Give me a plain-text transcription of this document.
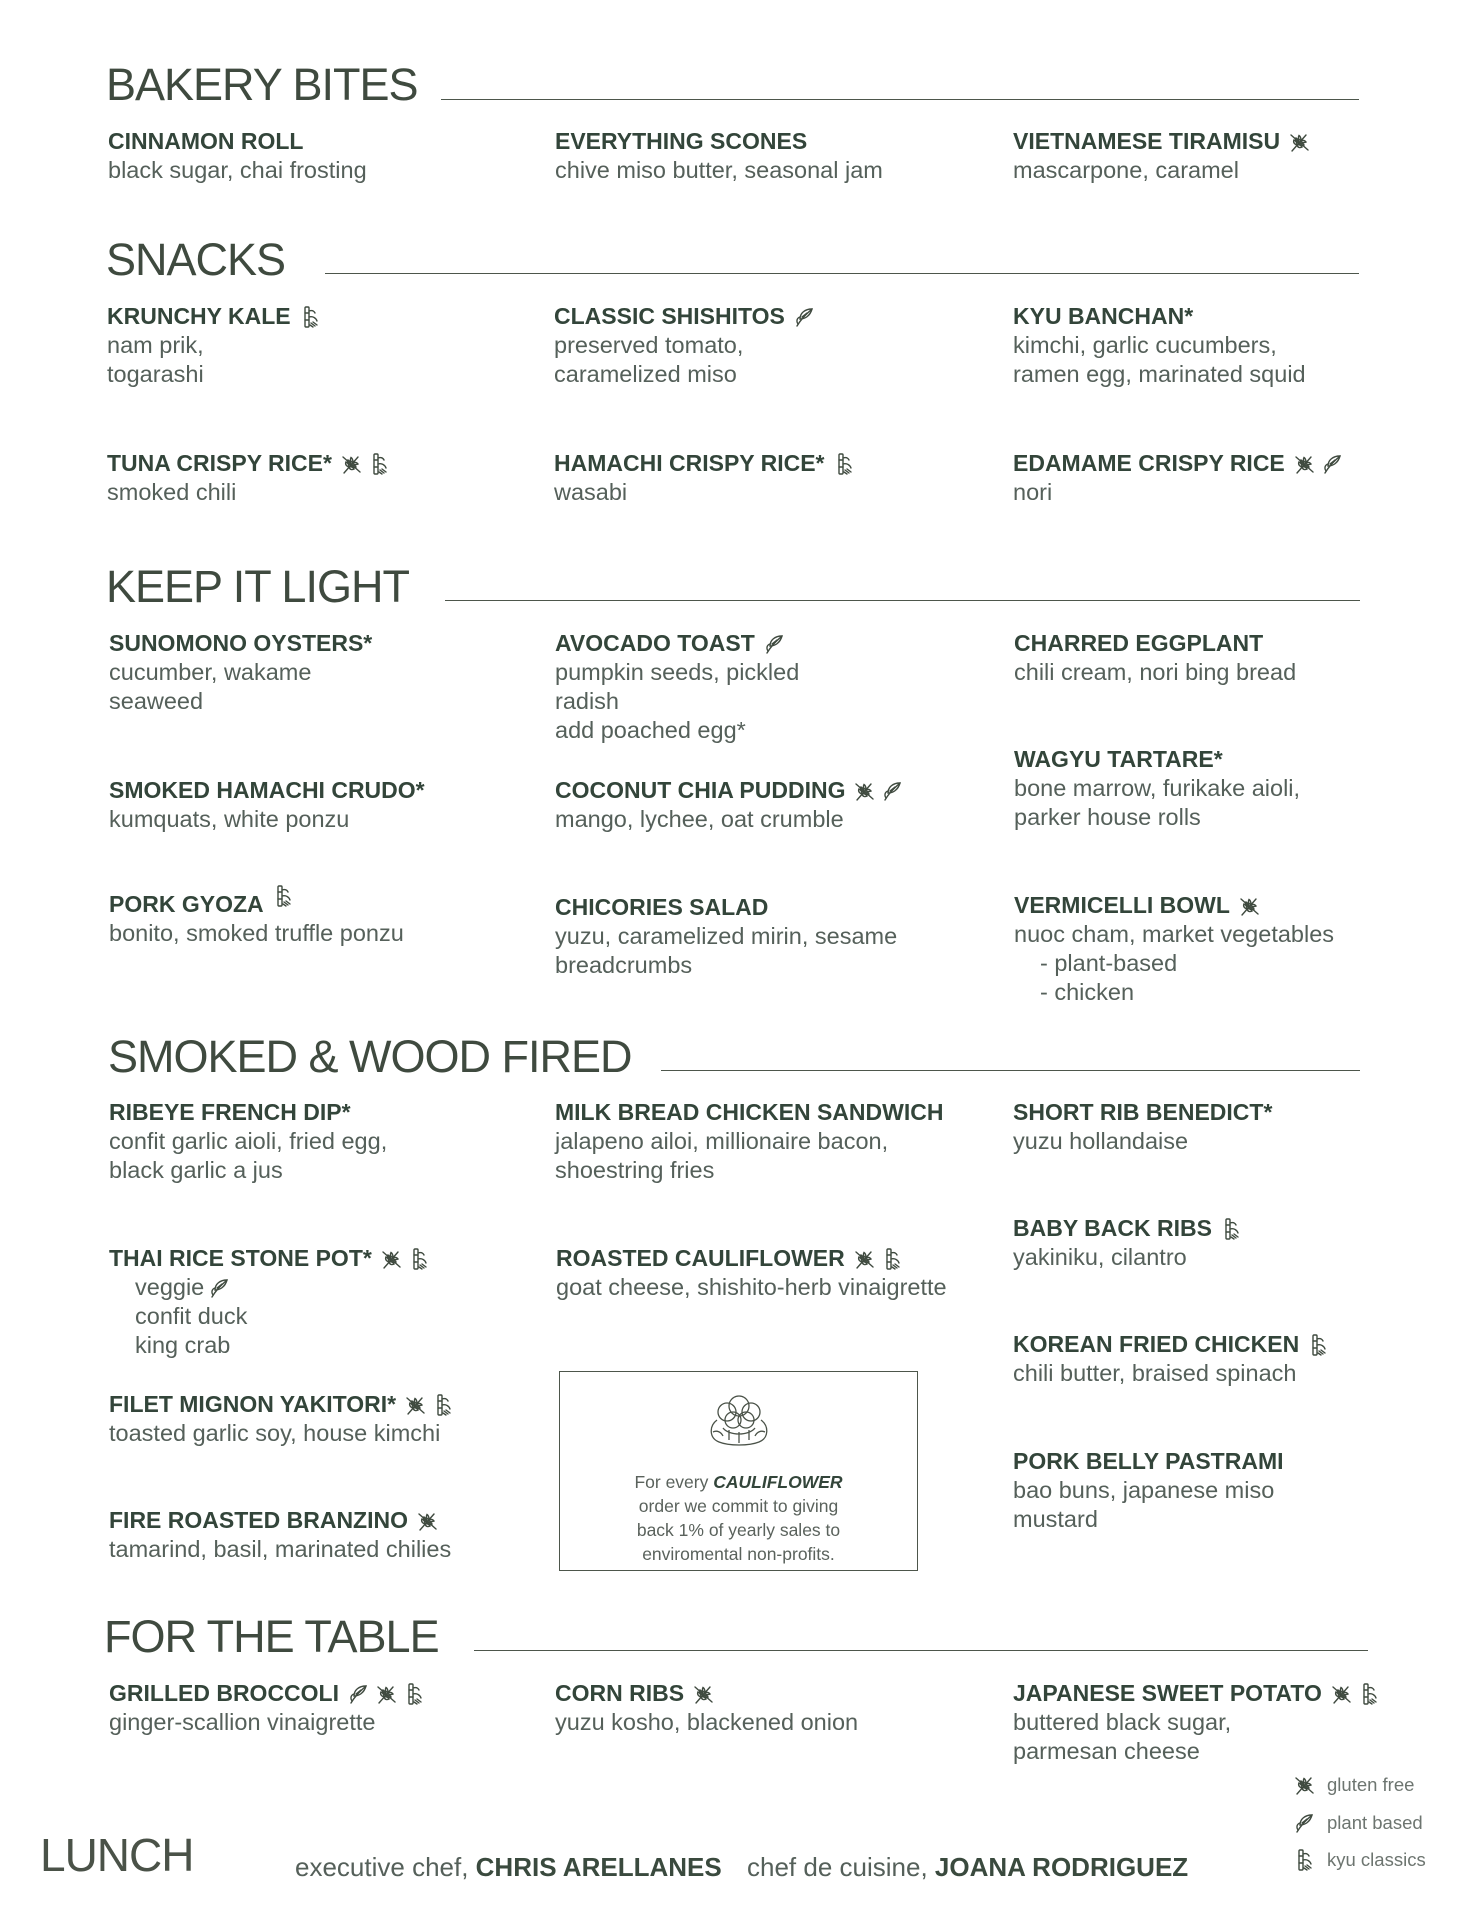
BAKERY BITES
CINNAMON ROLL
black sugar, chai frosting
EVERYTHING SCONES
chive miso butter, seasonal jam
VIETNAMESE TIRAMISU
mascarpone, caramel
SNACKS
KRUNCHY KALE
nam prik,
togarashi
CLASSIC SHISHITOS
preserved tomato,
caramelized miso
KYU BANCHAN*
kimchi, garlic cucumbers,
ramen egg, marinated squid
TUNA CRISPY RICE*
smoked chili
HAMACHI CRISPY RICE*
wasabi
EDAMAME CRISPY RICE
nori
KEEP IT LIGHT
SUNOMONO OYSTERS*
cucumber, wakame
seaweed
AVOCADO TOAST
pumpkin seeds, pickled
radish
add poached egg*
CHARRED EGGPLANT
chili cream, nori bing bread
WAGYU TARTARE*
bone marrow, furikake aioli,
parker house rolls
SMOKED HAMACHI CRUDO*
kumquats, white ponzu
COCONUT CHIA PUDDING
mango, lychee, oat crumble
PORK GYOZA
bonito, smoked truffle ponzu
CHICORIES SALAD
yuzu, caramelized mirin, sesame
breadcrumbs
VERMICELLI BOWL
nuoc cham, market vegetables
- plant-based
- chicken
SMOKED & WOOD FIRED
RIBEYE FRENCH DIP*
confit garlic aioli, fried egg,
black garlic a jus
MILK BREAD CHICKEN SANDWICH
jalapeno ailoi, millionaire bacon,
shoestring fries
SHORT RIB BENEDICT*
yuzu hollandaise
BABY BACK RIBS
yakiniku, cilantro
THAI RICE STONE POT*
veggie
confit duck
king crab
ROASTED CAULIFLOWER
goat cheese, shishito-herb vinaigrette
KOREAN FRIED CHICKEN
chili butter, braised spinach
FILET MIGNON YAKITORI*
toasted garlic soy, house kimchi
PORK BELLY PASTRAMI
bao buns, japanese miso
mustard
FIRE ROASTED BRANZINO
tamarind, basil, marinated chilies
For every CAULIFLOWER
order we commit to giving
back 1% of yearly sales to
enviromental non-profits.
FOR THE TABLE
GRILLED BROCCOLI
ginger-scallion vinaigrette
CORN RIBS
yuzu kosho, blackened onion
JAPANESE SWEET POTATO
buttered black sugar,
parmesan cheese
gluten free
plant based
kyu classics
LUNCH	executive chef, CHRIS ARELLANES chef de cuisine, JOANA RODRIGUEZ
